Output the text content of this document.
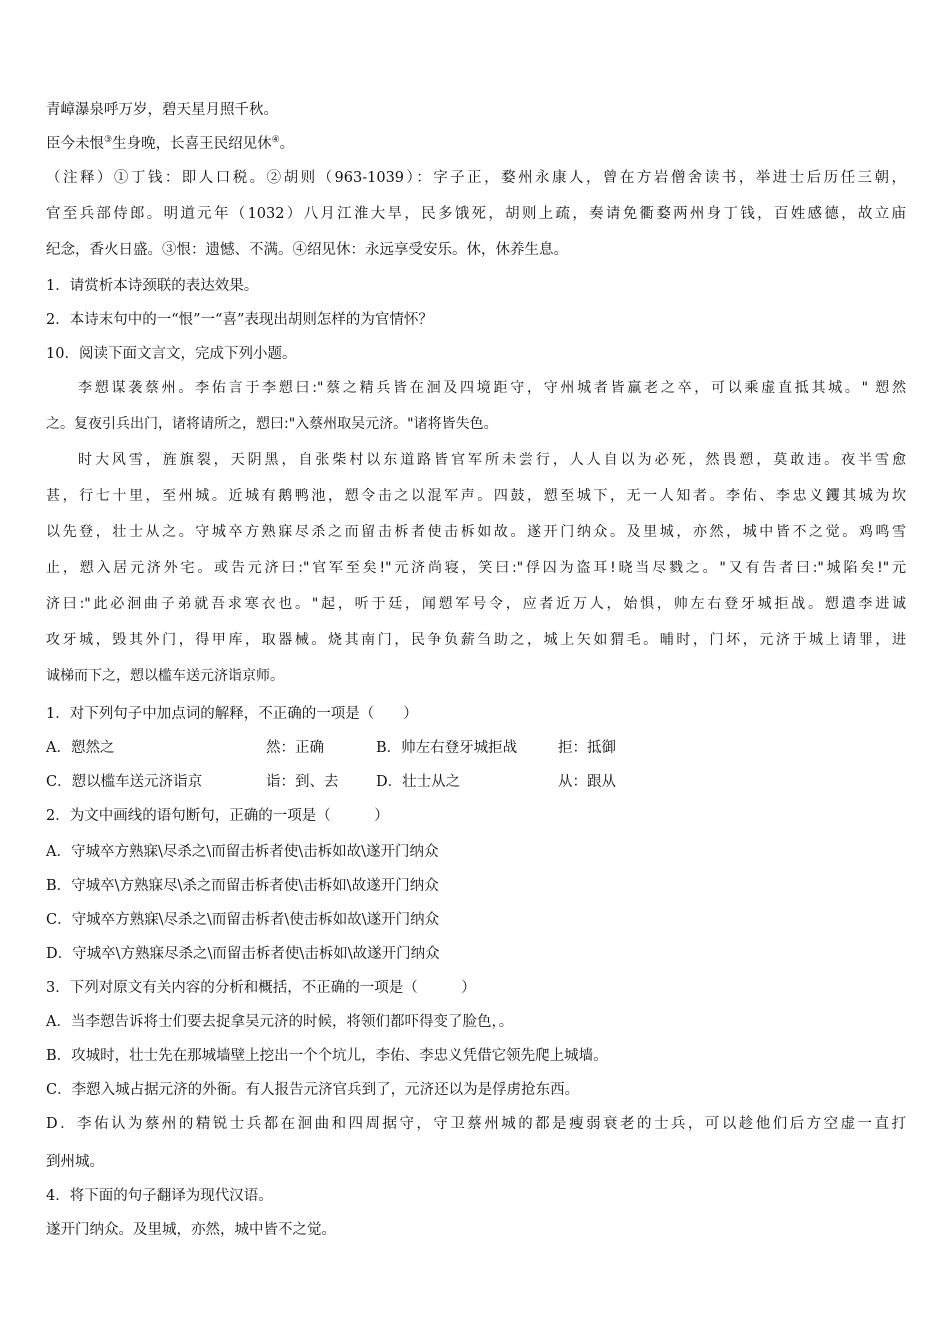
青嶂瀑泉呼万岁，碧天星月照千秋。
臣今未恨③生身晚，长喜王民绍见休④。
（注释）①丁钱：即人口税。②胡则（963-1039）：字子正，婺州永康人，曾在方岩僧舍读书，举进士后历任三朝，
官至兵部侍郎。明道元年（1032）八月江淮大旱，民多饿死，胡则上疏，奏请免衢婺两州身丁钱，百姓感德，故立庙
纪念，香火日盛。③恨：遗憾、不满。④绍见休：永远享受安乐。休，休养生息。
1．请赏析本诗颈联的表达效果。
2．本诗末句中的一“恨”一“喜”表现出胡则怎样的为官情怀？
10．阅读下面文言文，完成下列小题。
李愬谋袭蔡州。李佑言于李愬曰:"蔡之精兵皆在洄及四境距守，守州城者皆羸老之卒，可以乘虚直抵其城。" 愬然
之。复夜引兵出门，诸将请所之，愬曰:"入蔡州取吴元济。"诸将皆失色。
时大风雪，旌旗裂，天阴黑，自张柴村以东道路皆官军所未尝行，人人自以为必死，然畏愬，莫敢违。夜半雪愈
甚，行七十里，至州城。近城有鹅鸭池，愬令击之以混军声。四鼓，愬至城下，无一人知者。李佑、李忠义钁其城为坎
以先登，壮士从之。守城卒方熟寐尽杀之而留击柝者使击柝如故。遂开门纳众。及里城，亦然，城中皆不之觉。鸡鸣雪
止，愬入居元济外宅。或告元济曰:"官军至矣!"元济尚寝，笑曰:"俘囚为盗耳!晓当尽戮之。"又有告者曰:"城陷矣!"元
济曰:"此必洄曲子弟就吾求寒衣也。"起，听于廷，闻愬军号令，应者近万人，始惧，帅左右登牙城拒战。愬遣李进诚
攻牙城，毁其外门，得甲库，取器械。烧其南门，民争负薪刍助之，城上矢如猬毛。晡时，门坏，元济于城上请罪，进
诚梯而下之，愬以槛车送元济诣京师。
1．对下列句子中加点词的解释，不正确的一项是（　　）
A．愬然之	然：正确	B．帅左右登牙城拒战	拒：抵御
C．愬以槛车送元济诣京	诣：到、去	D．壮士从之	从：跟从
2．为文中画线的语句断句，正确的一项是（　　　）
A．守城卒方熟寐\尽杀之\而留击柝者使\击柝如故\遂开门纳众
B．守城卒\方熟寐尽\杀之而留击柝者使\击柝如\故遂开门纳众
C．守城卒方熟寐\尽杀之\而留击柝者\使击柝如故\遂开门纳众
D．守城卒\方熟寐尽杀之\而留击柝者使\击柝如\故遂开门纳众
3．下列对原文有关内容的分析和概括，不正确的一项是（　　　）
A．当李愬告诉将士们要去捉拿吴元济的时候，将领们都吓得变了脸色，。
B．攻城时，壮士先在那城墙壁上挖出一个个坑儿，李佑、李忠义凭借它领先爬上城墙。
C．李愬入城占据元济的外衙。有人报告元济官兵到了，元济还以为是俘虏抢东西。
D．李佑认为蔡州的精锐士兵都在洄曲和四周据守，守卫蔡州城的都是瘦弱衰老的士兵，可以趁他们后方空虚一直打
到州城。
4．将下面的句子翻译为现代汉语。
遂开门纳众。及里城，亦然，城中皆不之觉。
